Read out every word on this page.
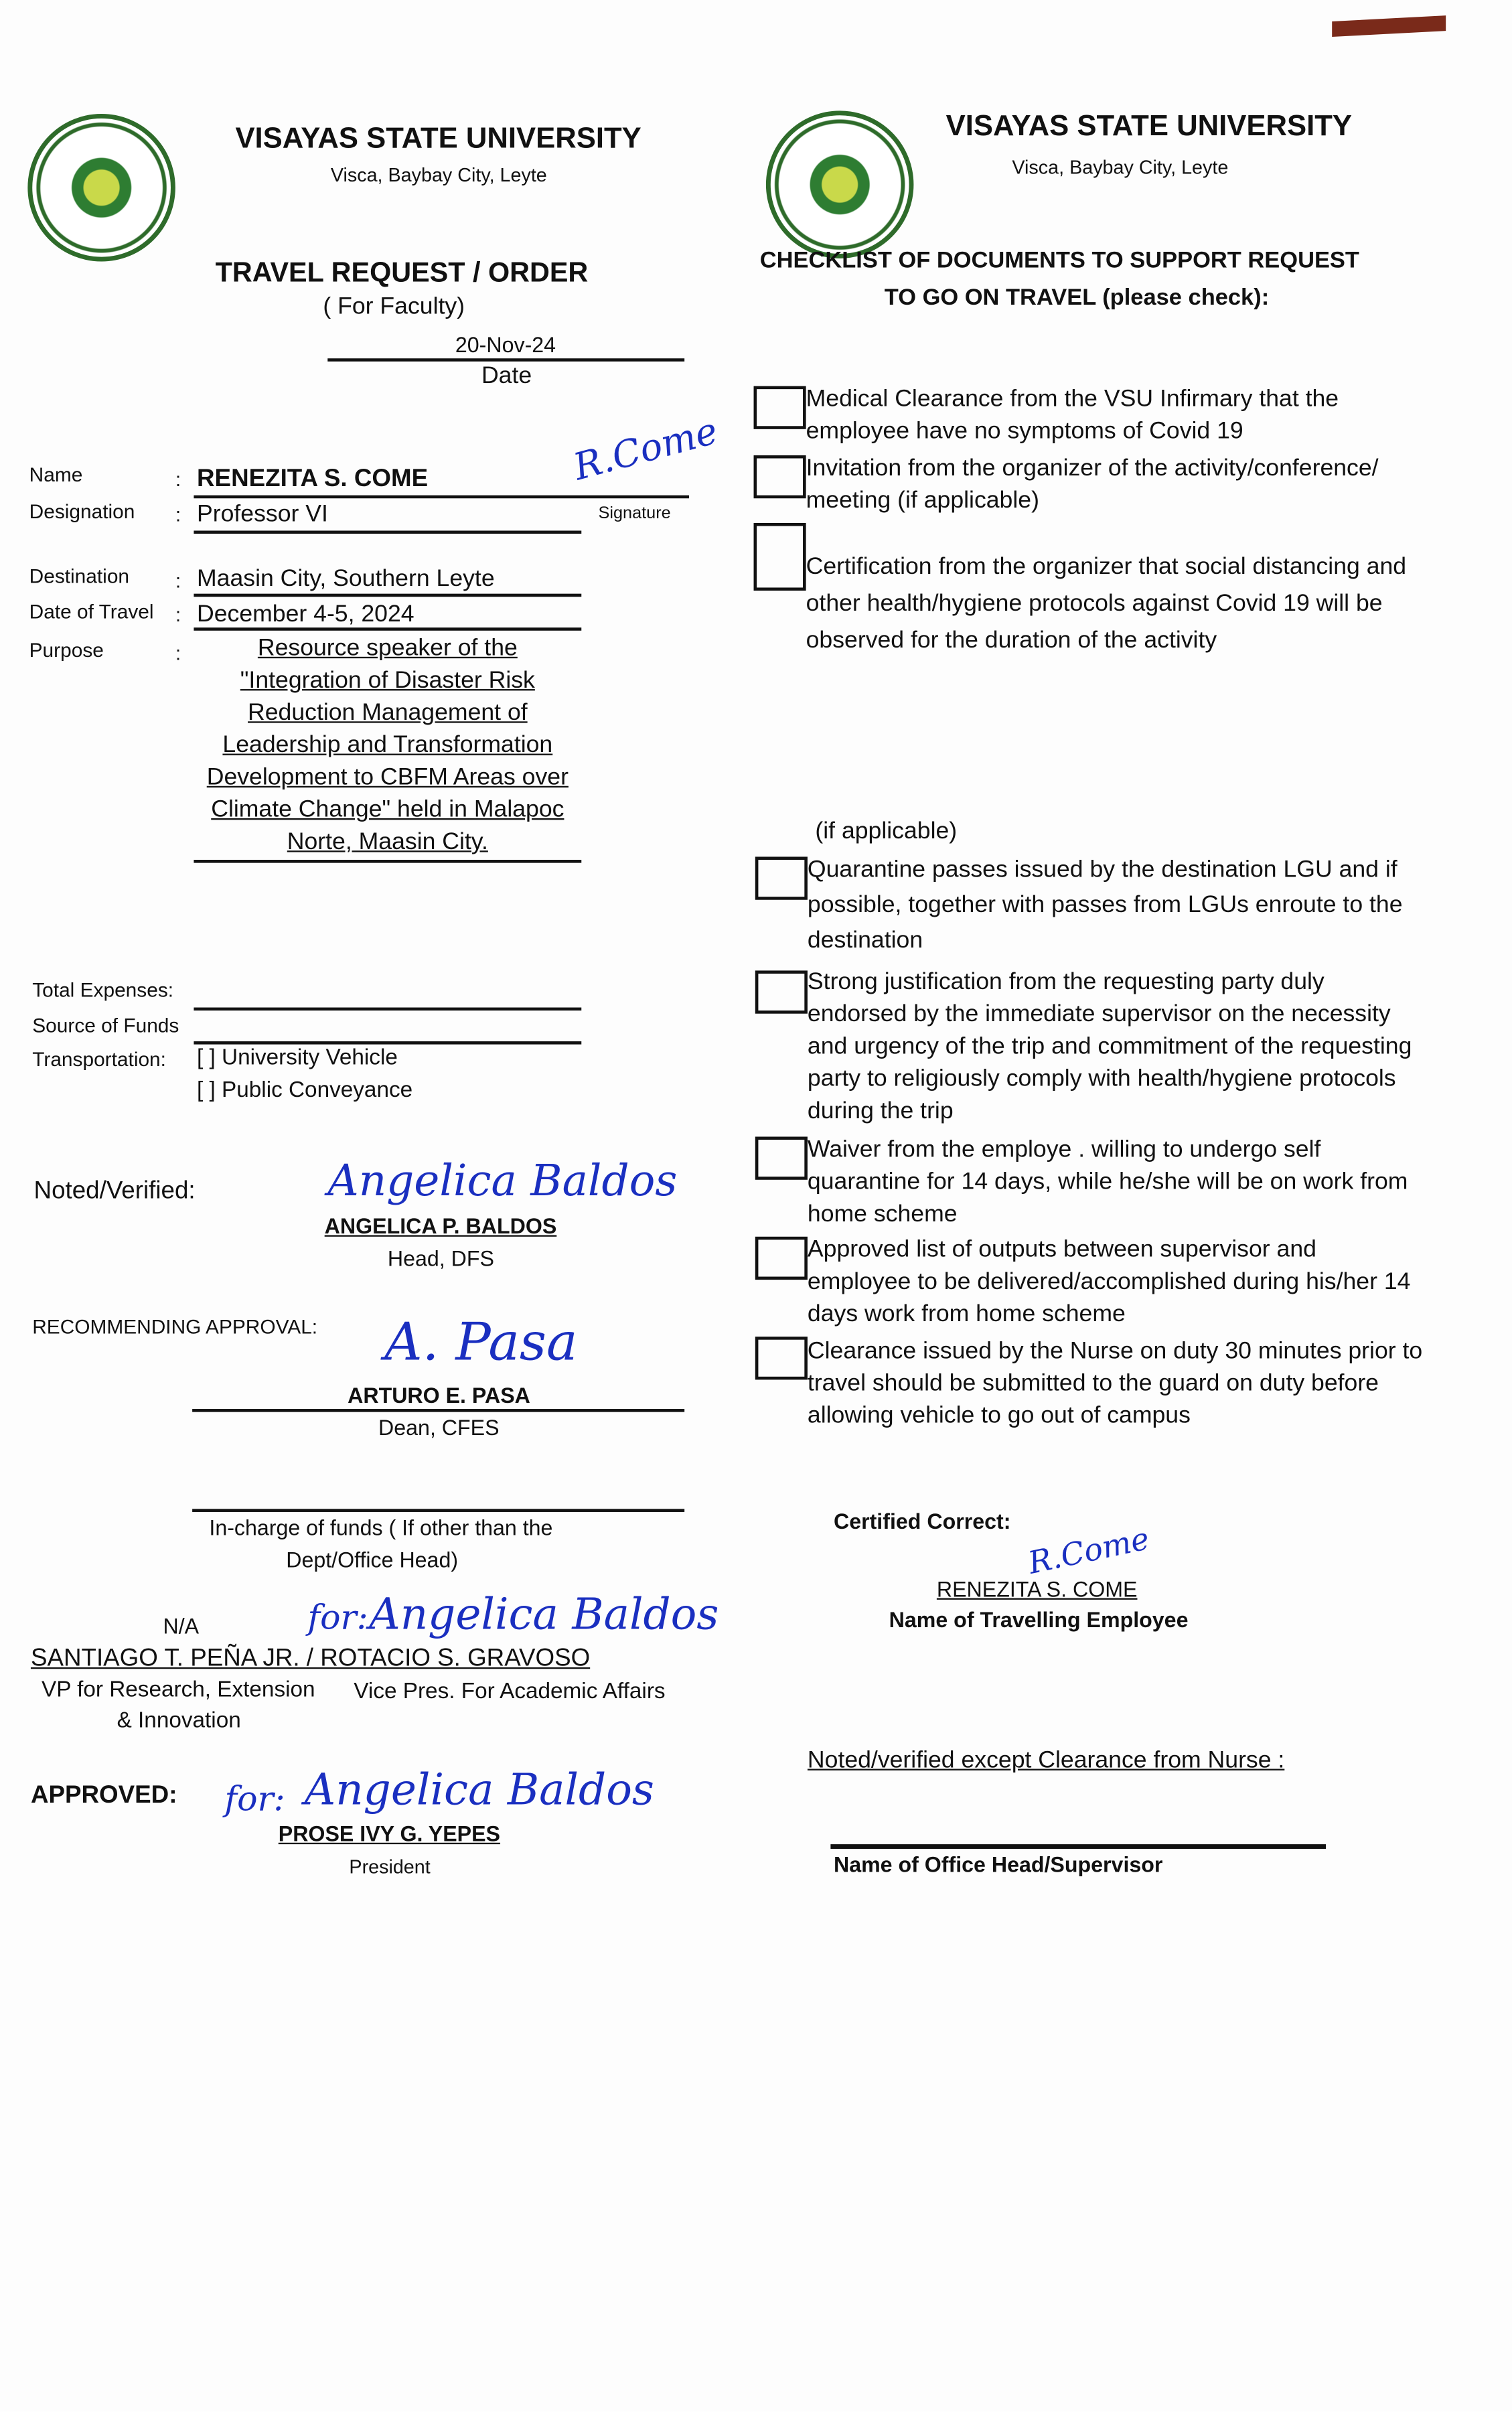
VISAYAS STATE UNIVERSITY
Visca, Baybay City, Leyte
TRAVEL REQUEST / ORDER
( For Faculty)
20-Nov-24
Date
Name	: RENEZITA S. COME
Designation	: Professor VI	Signature
R.Come
Destination	: Maasin City, Southern Leyte
Date of Travel : December 4-5, 2024
Purpose	:	Resource speaker of the
"Integration of Disaster Risk
Reduction Management of
Leadership and Transformation
Development to CBFM Areas over
Climate Change" held in Malapoc
Norte, Maasin City.
Total Expenses:
Source of Funds
Transportation:	[ ] University Vehicle
[ ] Public Conveyance
Noted/Verified:	Angelica Baldos
ANGELICA P. BALDOS
Head, DFS
RECOMMENDING APPROVAL:	A. Pasa
ARTURO E. PASA
Dean, CFES
In-charge of funds ( If other than the
Dept/Office Head)
N/A	for: Angelica Baldos
SANTIAGO T. PEÑA JR. / ROTACIO S. GRAVOSO
VP for Research, Extension
& Innovation
Vice Pres. For Academic Affairs
APPROVED:	for: Angelica Baldos
PROSE IVY G. YEPES
President
VISAYAS STATE UNIVERSITY
Visca, Baybay City, Leyte
CHECKLIST OF DOCUMENTS TO SUPPORT REQUEST
TO GO ON TRAVEL (please check):
Medical Clearance from the VSU Infirmary that the employee have no symptoms of Covid 19
Invitation from the organizer of the activity/conference/ meeting (if applicable)
Certification from the organizer that social distancing and other health/hygiene protocols against Covid 19 will be observed for the duration of the activity
(if applicable)
Quarantine passes issued by the destination LGU and if possible, together with passes from LGUs enroute to the destination
Strong justification from the requesting party duly endorsed by the immediate supervisor on the necessity and urgency of the trip and commitment of the requesting party to religiously comply with health/hygiene protocols during the trip
Waiver from the employe . willing to undergo self quarantine for 14 days, while he/she will be on work from home scheme
Approved list of outputs between supervisor and employee to be delivered/accomplished during his/her 14 days work from home scheme
Clearance issued by the Nurse on duty 30 minutes prior to travel should be submitted to the guard on duty before allowing vehicle to go out of campus
Certified Correct: R.Come
RENEZITA S. COME
Name of Travelling Employee
Noted/verified except Clearance from Nurse :
Name of Office Head/Supervisor
